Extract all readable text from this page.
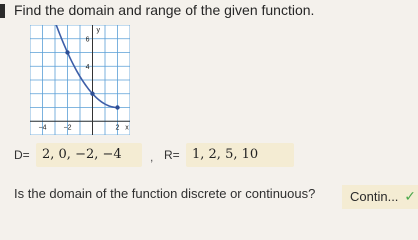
Find the domain and range of the given function.
6
4
−4 −2	2
y
x
D= 2, 0, −2, −4	, R= 1, 2, 5, 10
Is the domain of the function discrete or continuous?	Contin... ✓
